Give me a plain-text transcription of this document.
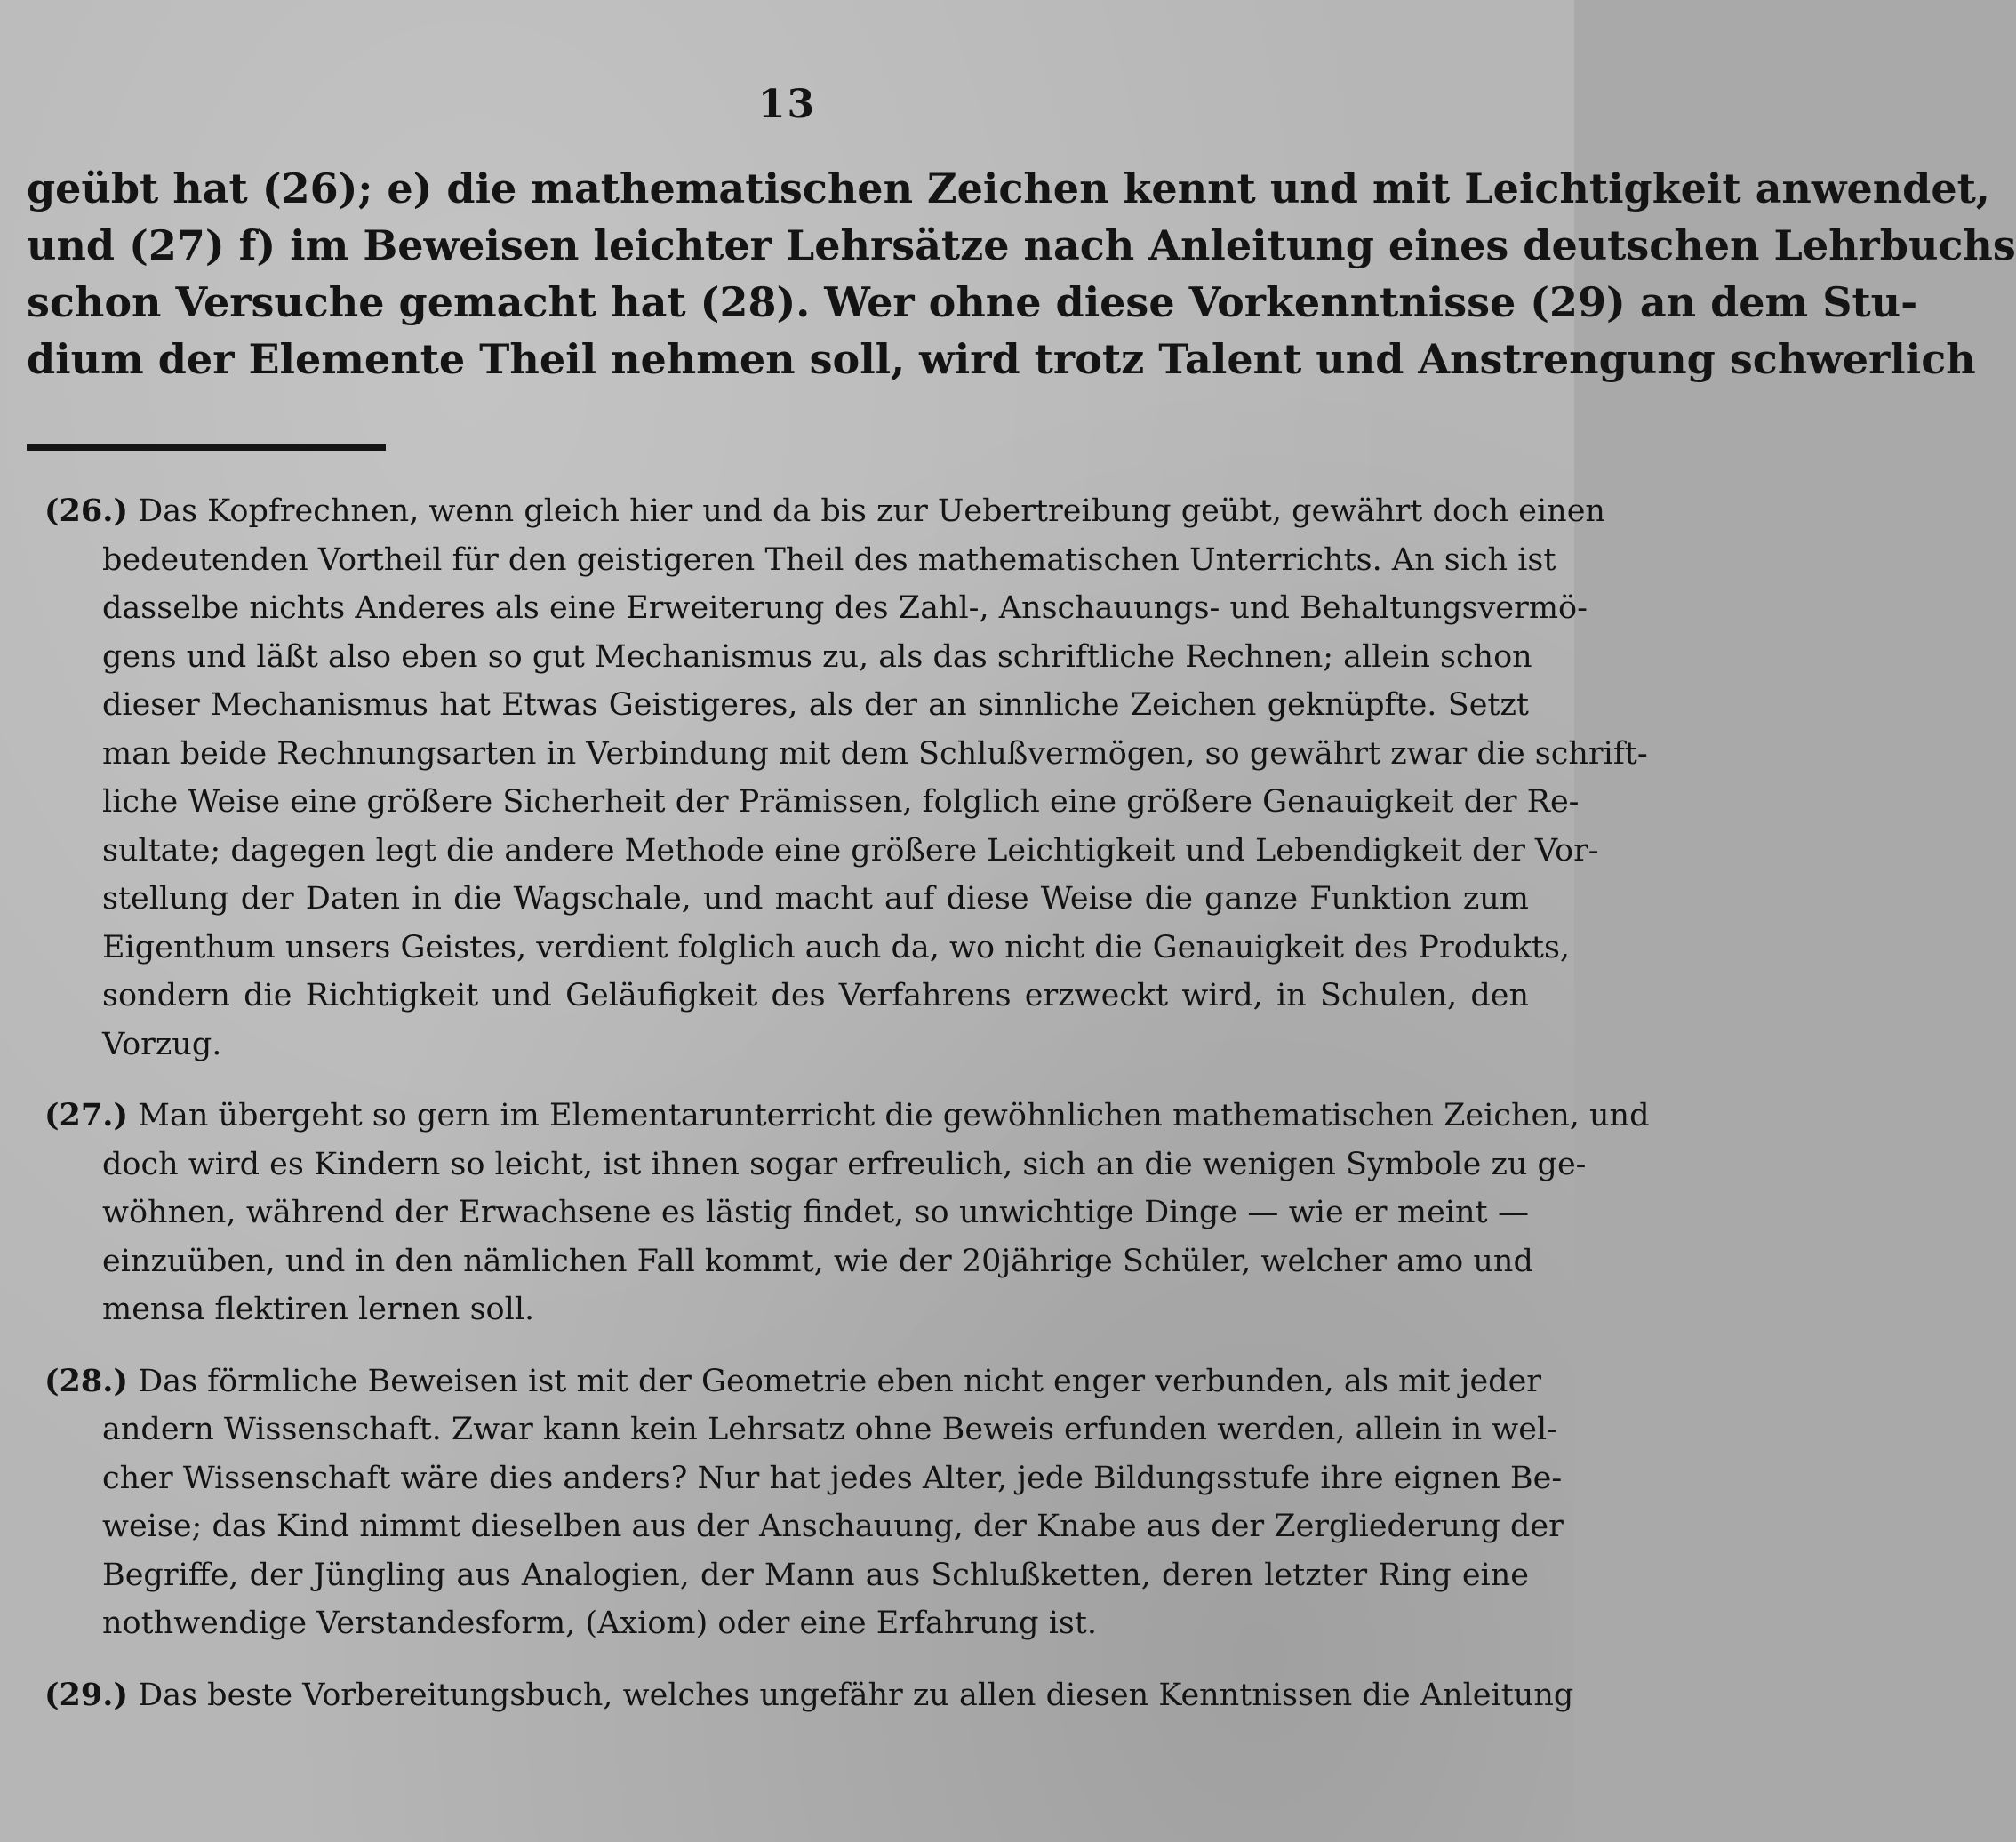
13
geübt hat (26); e) die mathematischen Zeichen kennt und mit Leichtigkeit anwendet,
und (27) f) im Beweisen leichter Lehrsätze nach Anleitung eines deutschen Lehrbuchs
schon Versuche gemacht hat (28). Wer ohne diese Vorkenntnisse (29) an dem Stu-
dium der Elemente Theil nehmen soll, wird trotz Talent und Anstrengung schwerlich
(26.) Das Kopfrechnen, wenn gleich hier und da bis zur Uebertreibung geübt, gewährt doch einen
bedeutenden Vortheil für den geistigeren Theil des mathematischen Unterrichts. An sich ist
dasselbe nichts Anderes als eine Erweiterung des Zahl-, Anschauungs- und Behaltungsvermö-
gens und läßt also eben so gut Mechanismus zu, als das schriftliche Rechnen; allein schon
dieser Mechanismus hat Etwas Geistigeres, als der an sinnliche Zeichen geknüpfte. Setzt
man beide Rechnungsarten in Verbindung mit dem Schlußvermögen, so gewährt zwar die schrift-
liche Weise eine größere Sicherheit der Prämissen, folglich eine größere Genauigkeit der Re-
sultate; dagegen legt die andere Methode eine größere Leichtigkeit und Lebendigkeit der Vor-
stellung der Daten in die Wagschale, und macht auf diese Weise die ganze Funktion zum
Eigenthum unsers Geistes, verdient folglich auch da, wo nicht die Genauigkeit des Produkts,
sondern die Richtigkeit und Geläufigkeit des Verfahrens erzweckt wird, in Schulen, den
Vorzug.
(27.) Man übergeht so gern im Elementarunterricht die gewöhnlichen mathematischen Zeichen, und
doch wird es Kindern so leicht, ist ihnen sogar erfreulich, sich an die wenigen Symbole zu ge-
wöhnen, während der Erwachsene es lästig findet, so unwichtige Dinge — wie er meint —
einzuüben, und in den nämlichen Fall kommt, wie der 20jährige Schüler, welcher amo und
mensa flektiren lernen soll.
(28.) Das förmliche Beweisen ist mit der Geometrie eben nicht enger verbunden, als mit jeder
andern Wissenschaft. Zwar kann kein Lehrsatz ohne Beweis erfunden werden, allein in wel-
cher Wissenschaft wäre dies anders? Nur hat jedes Alter, jede Bildungsstufe ihre eignen Be-
weise; das Kind nimmt dieselben aus der Anschauung, der Knabe aus der Zergliederung der
Begriffe, der Jüngling aus Analogien, der Mann aus Schlußketten, deren letzter Ring eine
nothwendige Verstandesform, (Axiom) oder eine Erfahrung ist.
(29.) Das beste Vorbereitungsbuch, welches ungefähr zu allen diesen Kenntnissen die Anleitung
